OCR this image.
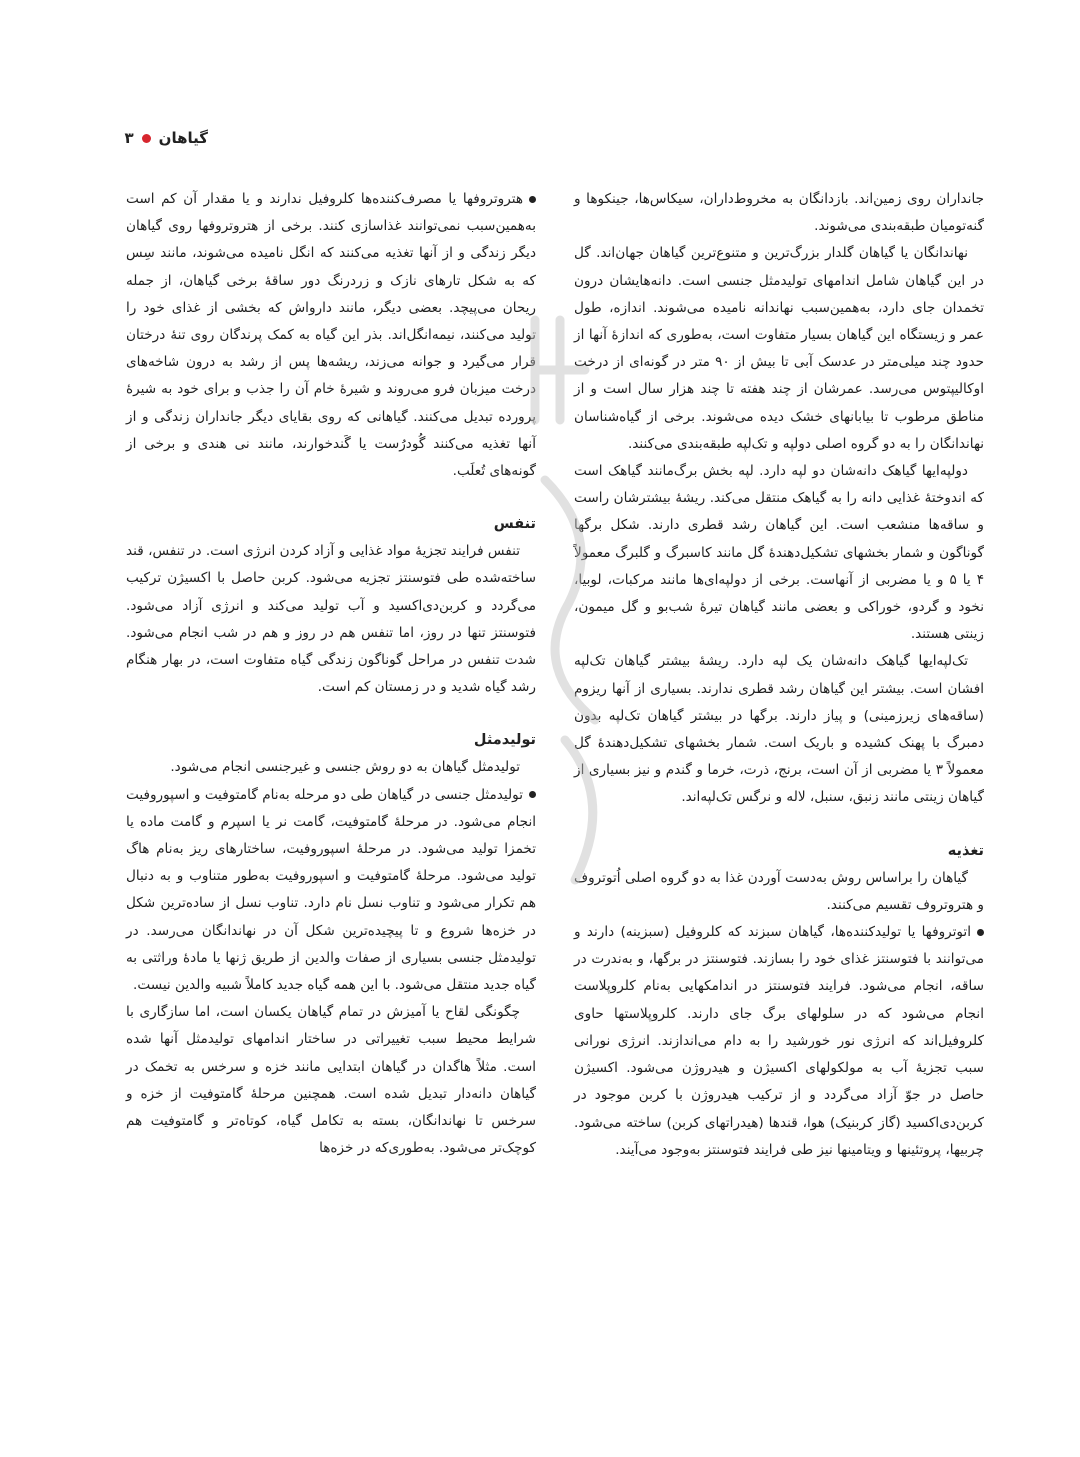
گیاهان
۳

جانداران روی زمین‌اند. بازدانگان به مخروط‌داران، سیکاس‌ها، جینکوها و گنه‌تومیان طبقه‌بندی می‌شوند.

نهاندانگان یا گیاهان گلدار بزرگ‌ترین و متنوع‌ترین گیاهان جهان‌اند. گل در این گیاهان شامل اندامهای تولیدمثل جنسی است. دانه‌هایشان درون تخمدان جای دارد، به‌همین‌سبب نهاندانه نامیده می‌شوند. اندازه، طول عمر و زیستگاه این گیاهان بسیار متفاوت است، به‌طوری که اندازهٔ آنها از حدود چند میلی‌متر در عدسک آبی تا بیش از ۹۰ متر در گونه‌ای از درخت اوکالیپتوس می‌رسد. عمرشان از چند هفته تا چند هزار سال است و از مناطق مرطوب تا بیابانهای خشک دیده می‌شوند. برخی از گیاه‌شناسان نهاندانگان را به دو گروه اصلی دولپه و تک‌لپه طبقه‌بندی می‌کنند.

دولپه‌ایها گیاهک دانه‌شان دو لپه دارد. لپه بخش برگ‌مانند گیاهک است که اندوختهٔ غذایی دانه را به گیاهک منتقل می‌کند. ریشهٔ بیشترشان راست و ساقه‌ها منشعب است. این گیاهان رشد قطری دارند. شکل برگها گوناگون و شمار بخشهای تشکیل‌دهندهٔ گل مانند کاسبرگ و گلبرگ معمولاً ۴ یا ۵ و یا مضربی از آنهاست. برخی از دولپه‌ای‌ها مانند مرکبات، لوبیا، نخود و گردو، خوراکی و بعضی مانند گیاهان تیرهٔ شب‌بو و گل میمون، زینتی هستند.

تک‌لپه‌ایها گیاهک دانه‌شان یک لپه دارد. ریشهٔ بیشتر گیاهان تک‌لپه افشان است. بیشتر این گیاهان رشد قطری ندارند. بسیاری از آنها ریزوم (ساقه‌های زیرزمینی) و پیاز دارند. برگها در بیشتر گیاهان تک‌لپه بدون دمبرگ با پهنک کشیده و باریک است. شمار بخشهای تشکیل‌دهندهٔ گل معمولاً ۳ یا مضربی از آن است، برنج، ذرت، خرما و گندم و نیز بسیاری از گیاهان زینتی مانند زنبق، سنبل، لاله و نرگس تک‌لپه‌اند.

تغذیه

گیاهان را براساس روش به‌دست آوردن غذا به دو گروه اصلی اُتوتروف و هتروتروف تقسیم می‌کنند.

اتوتروفها یا تولیدکننده‌ها، گیاهان سبزند که کلروفیل (سبزینه) دارند و می‌توانند با فتوسنتز غذای خود را بسازند. فتوسنتز در برگها، و به‌ندرت در ساقه، انجام می‌شود. فرایند فتوسنتز در اندامکهایی به‌نام کلروپلاست انجام می‌شود که در سلولهای برگ جای دارند. کلروپلاستها حاوی کلروفیل‌اند که انرژی نور خورشید را به دام می‌اندازند. انرژی نورانی سبب تجزیهٔ آب به مولکولهای اکسیژن و هیدروژن می‌شود. اکسیژن حاصل در جوّ آزاد می‌گردد و از ترکیب هیدروژن با کربن موجود در کربن‌دی‌اکسید (گاز کربنیک) هوا، قندها (هیدراتهای کربن) ساخته می‌شود. چربیها، پروتئینها و ویتامینها نیز طی فرایند فتوسنتز به‌وجود می‌آیند.

هتروتروفها یا مصرف‌کننده‌ها کلروفیل ندارند و یا مقدار آن کم است به‌همین‌سبب نمی‌توانند غذاسازی کنند. برخی از هتروتروفها روی گیاهان دیگر زندگی و از آنها تغذیه می‌کنند که انگل نامیده می‌شوند، مانند سِس که به شکل تارهای نازک و زردرنگ دور ساقهٔ برخی گیاهان، از جمله ریحان می‌پیچد. بعضی دیگر، مانند دارواش که بخشی از غذای خود را تولید می‌کنند، نیمه‌انگل‌اند. بذر این گیاه به کمک پرندگان روی تنهٔ درختان قرار می‌گیرد و جوانه می‌زند، ریشه‌ها پس از رشد به درون شاخه‌های درخت میزبان فرو می‌روند و شیرهٔ خام آن را جذب و برای خود به شیرهٔ پرورده تبدیل می‌کنند. گیاهانی که روی بقایای دیگر جانداران زندگی و از آنها تغذیه می‌کنند گُودرُست یا گَندخوارند، مانند نی هندی و برخی از گونه‌های تُعلَب.

تنفس

تنفس فرایند تجزیهٔ مواد غذایی و آزاد کردن انرژی است. در تنفس، قند ساخته‌شده طی فتوسنتز تجزیه می‌شود. کربن حاصل با اکسیژن ترکیب می‌گردد و کربن‌دی‌اکسید و آب تولید می‌کند و انرژی آزاد می‌شود. فتوسنتز تنها در روز، اما تنفس هم در روز و هم در شب انجام می‌شود. شدت تنفس در مراحل گوناگون زندگی گیاه متفاوت است، در بهار هنگام رشد گیاه شدید و در زمستان کم است.

تولیدمثل

تولیدمثل گیاهان به دو روش جنسی و غیرجنسی انجام می‌شود.

تولیدمثل جنسی در گیاهان طی دو مرحله به‌نام گامتوفیت و اسپوروفیت انجام می‌شود. در مرحلهٔ گامتوفیت، گامت نر یا اسپرم و گامت ماده یا تخمزا تولید می‌شود. در مرحلهٔ اسپوروفیت، ساختارهای ریز به‌نام هاگ تولید می‌شود. مرحلهٔ گامتوفیت و اسپوروفیت به‌طور متناوب و به دنبال هم تکرار می‌شود و تناوب نسل نام دارد. تناوب نسل از ساده‌ترین شکل در خزه‌ها شروع و تا پیچیده‌ترین شکل آن در نهاندانگان می‌رسد. در تولیدمثل جنسی بسیاری از صفات والدین از طریق ژنها یا مادهٔ وراثتی به گیاه جدید منتقل می‌شود. با این همه گیاه جدید کاملاً شبیه والدین نیست.

چگونگی لقاح یا آمیزش در تمام گیاهان یکسان است، اما سازگاری با شرایط محیط سبب تغییراتی در ساختار اندامهای تولیدمثل آنها شده است. مثلاً هاگدان در گیاهان ابتدایی مانند خزه و سرخس به تخمک در گیاهان دانه‌دار تبدیل شده است. همچنین مرحلهٔ گامتوفیت از خزه و سرخس تا نهاندانگان، بسته به تکامل گیاه، کوتاه‌تر و گامتوفیت هم کوچک‌تر می‌شود. به‌طوری‌که در خزه‌ها
